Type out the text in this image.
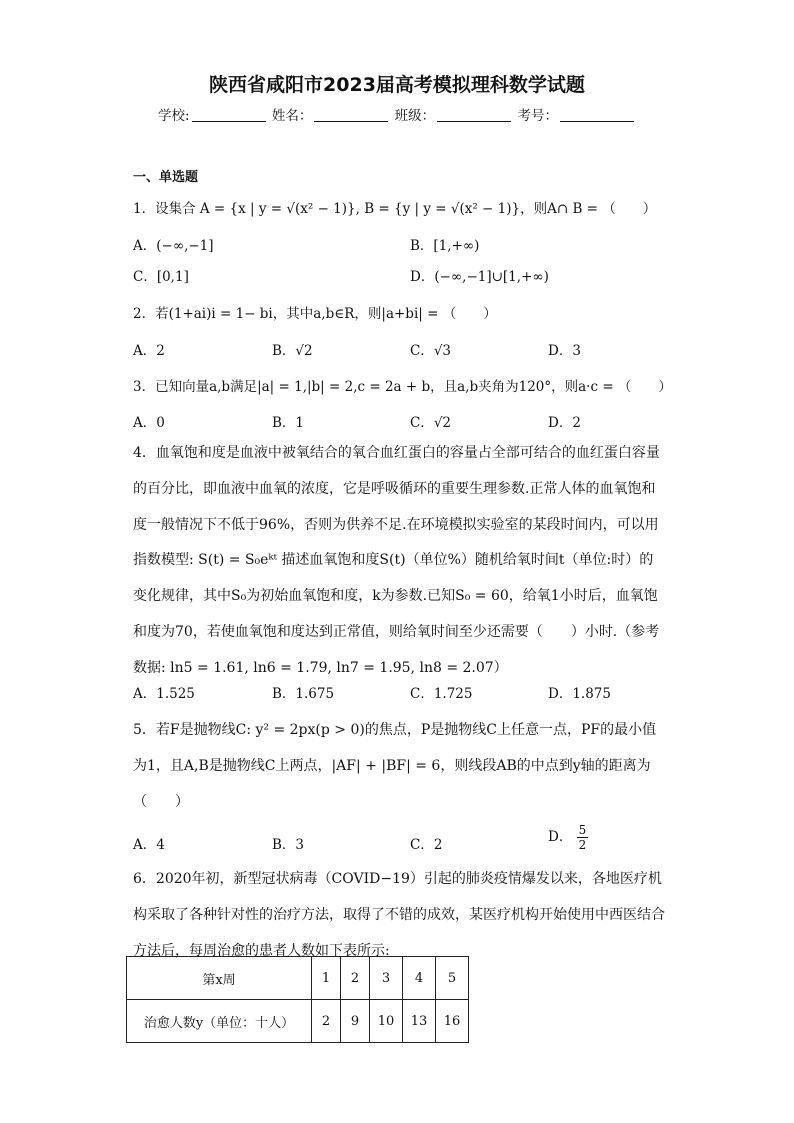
陕西省咸阳市2023届高考模拟理科数学试题
学校:	姓名：	班级：	考号：
一、单选题
1．设集合 A = {x | y = √(x² − 1)}, B = {y | y = √(x² − 1)}，则A∩ B = （　　）
A．(−∞,−1]	B．[1,+∞)
C．[0,1]	D．(−∞,−1]∪[1,+∞)
2．若(1+ai)i = 1− bi，其中a,b∈R，则|a+bi| = （　　）
A．2	B．√2	C．√3	D．3
3．已知向量a,b满足|a| = 1,|b| = 2,c = 2a + b，且a,b夹角为120°，则a·c = （　　）
A．0	B．1	C．√2	D．2
4．血氧饱和度是血液中被氧结合的氧合血红蛋白的容量占全部可结合的血红蛋白容量的百分比，即血液中血氧的浓度，它是呼吸循环的重要生理参数.正常人体的血氧饱和度一般情况下不低于96%，否则为供养不足.在环境模拟实验室的某段时间内，可以用指数模型: S(t) = S₀eᵏᵗ 描述血氧饱和度S(t)（单位%）随机给氧时间t（单位:时）的变化规律，其中S₀为初始血氧饱和度，k为参数.已知S₀ = 60，给氧1小时后，血氧饱和度为70，若使血氧饱和度达到正常值，则给氧时间至少还需要（　　）小时.（参考数据: ln5 = 1.61, ln6 = 1.79, ln7 = 1.95, ln8 = 2.07）
A．1.525	B．1.675	C．1.725	D．1.875
5．若F是抛物线C: y² = 2px(p > 0)的焦点，P是抛物线C上任意一点，PF的最小值为1，且A,B是抛物线C上两点，|AF| + |BF| = 6，则线段AB的中点到y轴的距离为（　　）
A．4	B．3	C．2	D． $\frac{5}{2}$
6．2020年初，新型冠状病毒（COVID−19）引起的肺炎疫情爆发以来，各地医疗机构采取了各种针对性的治疗方法，取得了不错的成效，某医疗机构开始使用中西医结合方法后，每周治愈的患者人数如下表所示:
第x周	1	2	3	4	5
治愈人数y（单位：十人）	2	9	10	13	16
